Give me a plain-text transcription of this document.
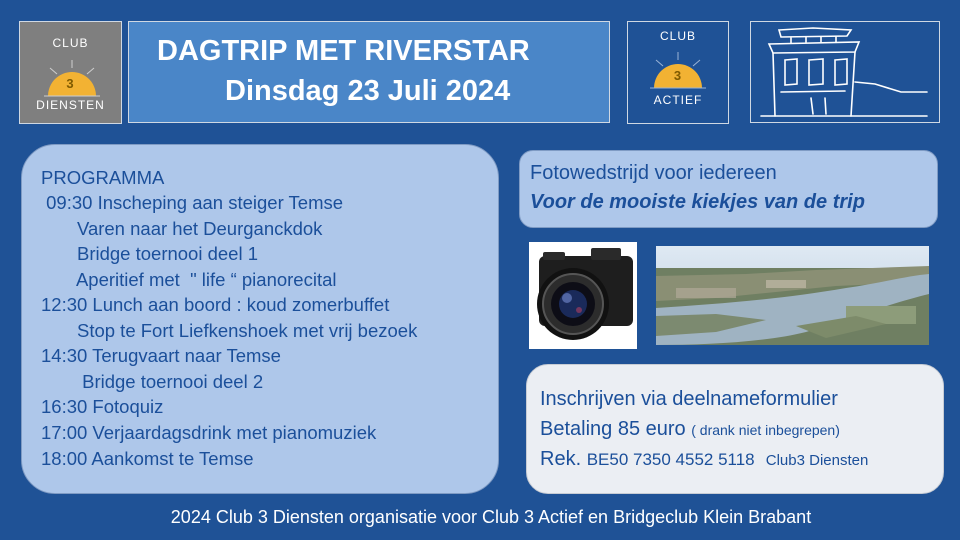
CLUB
3
DIENSTEN
DAGTRIP MET RIVERSTAR
Dinsdag 23 Juli 2024
CLUB
3
ACTIEF
PROGRAMMA
09:30 Inscheping aan steiger Temse
Varen naar het Deurganckdok
Bridge toernooi deel 1
Aperitief met  " life “ pianorecital
12:30 Lunch aan boord : koud zomerbuffet
Stop te Fort Liefkenshoek met vrij bezoek
14:30 Terugvaart naar Temse
Bridge toernooi deel 2
16:30 Fotoquiz
17:00 Verjaardagsdrink met pianomuziek
18:00 Aankomst te Temse
Fotowedstrijd voor iedereen
Voor de mooiste kiekjes van de trip
Inschrijven via deelnameformulier
Betaling 85 euro ( drank niet inbegrepen)
Rek. BE50 7350 4552 5118 Club3 Diensten
2024 Club 3 Diensten organisatie voor Club 3 Actief en Bridgeclub Klein Brabant
